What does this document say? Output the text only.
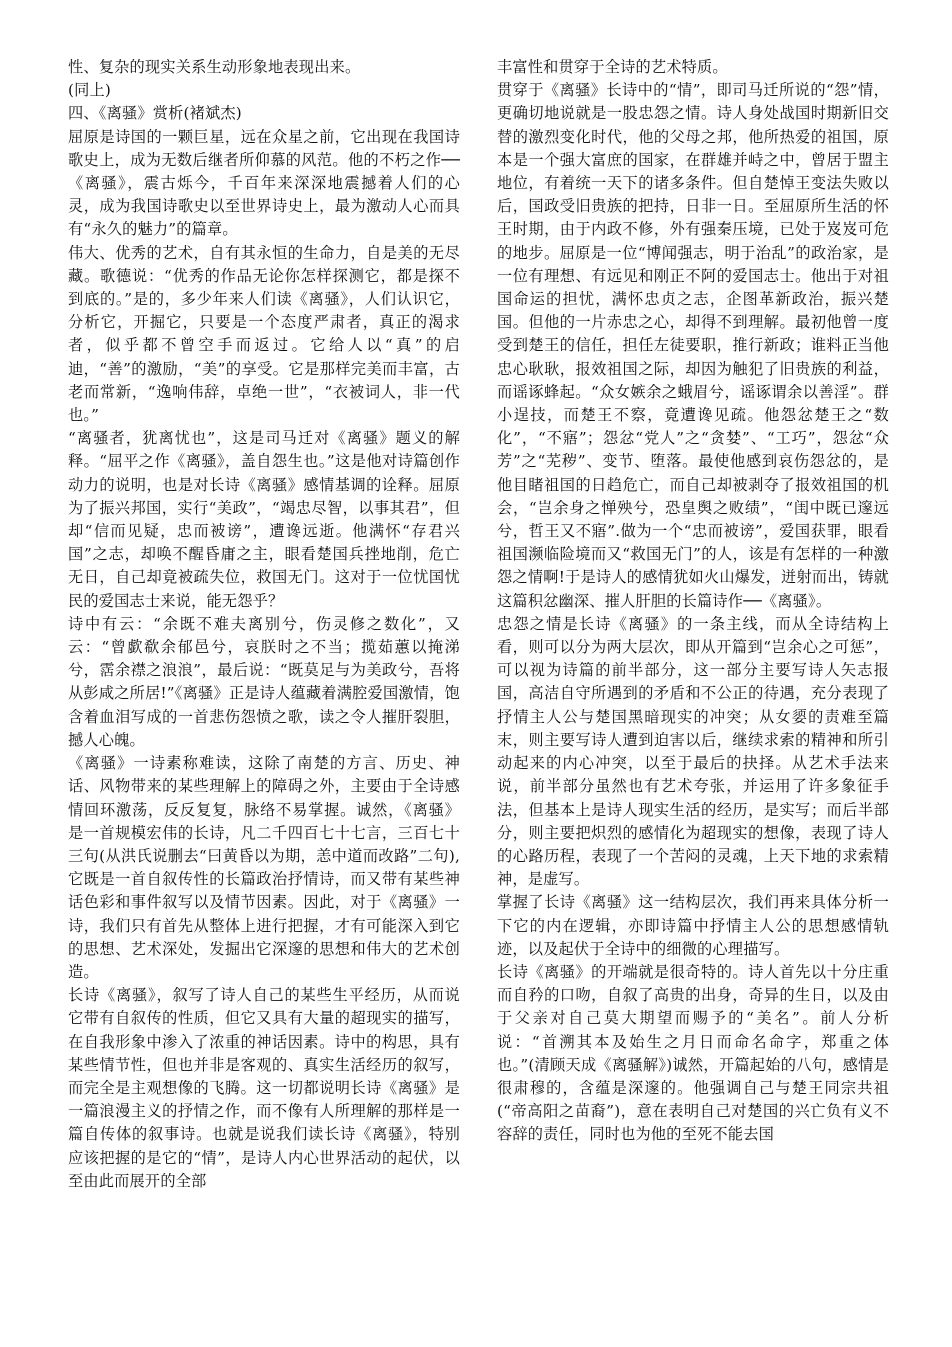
性、复杂的现实关系生动形象地表现出来。

(同上)

四、《离骚》赏析(褚斌杰)

屈原是诗国的一颗巨星，远在众星之前，它出现在我国诗歌史上，成为无数后继者所仰慕的风范。他的不朽之作──《离骚》，震古烁今，千百年来深深地震撼着人们的心灵，成为我国诗歌史以至世界诗史上，最为激动人心而具有“永久的魅力”的篇章。

伟大、优秀的艺术，自有其永恒的生命力，自是美的无尽藏。歌德说：“优秀的作品无论你怎样探测它，都是探不到底的。”是的，多少年来人们读《离骚》，人们认识它，分析它，开掘它，只要是一个态度严肃者，真正的渴求者，似乎都不曾空手而返过。它给人以“真”的启迪，“善”的激励，“美”的享受。它是那样完美而丰富，古老而常新，“逸响伟辞，卓绝一世”，“衣被词人，非一代也。”

“离骚者，犹离忧也”，这是司马迁对《离骚》题义的解释。“屈平之作《离骚》，盖自怨生也。”这是他对诗篇创作动力的说明，也是对长诗《离骚》感情基调的诠释。屈原为了振兴邦国，实行“美政”，“竭忠尽智，以事其君”，但却“信而见疑，忠而被谤”，遭谗远逝。他满怀“存君兴国”之志，却唤不醒昏庸之主，眼看楚国兵挫地削，危亡无日，自己却竟被疏失位，救国无门。这对于一位忧国忧民的爱国志士来说，能无怨乎？

诗中有云：“余既不难夫离别兮，伤灵修之数化”，又云：“曾歔欷余郁邑兮，哀朕时之不当；揽茹蕙以掩涕兮，霑余襟之浪浪”，最后说：“既莫足与为美政兮，吾将从彭咸之所居!”《离骚》正是诗人蕴藏着满腔爱国激情，饱含着血泪写成的一首悲伤怨愤之歌，读之令人摧肝裂胆，撼人心魄。

《离骚》一诗素称难读，这除了南楚的方言、历史、神话、风物带来的某些理解上的障碍之外，主要由于全诗感情回环激荡，反反复复，脉络不易掌握。诚然，《离骚》是一首规模宏伟的长诗，凡二千四百七十七言，三百七十三句(从洪氏说删去“曰黄昏以为期，恙中道而改路”二句),它既是一首自叙传性的长篇政治抒情诗，而又带有某些神话色彩和事件叙写以及情节因素。因此，对于《离骚》一诗，我们只有首先从整体上进行把握，才有可能深入到它的思想、艺术深处，发掘出它深邃的思想和伟大的艺术创造。

长诗《离骚》，叙写了诗人自己的某些生平经历，从而说它带有自叙传的性质，但它又具有大量的超现实的描写，在自我形象中渗入了浓重的神话因素。诗中的构思，具有某些情节性，但也并非是客观的、真实生活经历的叙写，而完全是主观想像的飞腾。这一切都说明长诗《离骚》是一篇浪漫主义的抒情之作，而不像有人所理解的那样是一篇自传体的叙事诗。也就是说我们读长诗《离骚》，特别应该把握的是它的“情”，是诗人内心世界活动的起伏，以至由此而展开的全部

丰富性和贯穿于全诗的艺术特质。

贯穿于《离骚》长诗中的“情”，即司马迁所说的“怨”情，更确切地说就是一股忠怨之情。诗人身处战国时期新旧交替的激烈变化时代，他的父母之邦，他所热爱的祖国，原本是一个强大富庶的国家，在群雄并峙之中，曾居于盟主地位，有着统一天下的诸多条件。但自楚悼王变法失败以后，国政受旧贵族的把持，日非一日。至屈原所生活的怀王时期，由于内政不修，外有强秦压境，已处于岌岌可危的地步。屈原是一位“博闻强志，明于治乱”的政治家，是一位有理想、有远见和刚正不阿的爱国志士。他出于对祖国命运的担忧，满怀忠贞之志，企图革新政治，振兴楚国。但他的一片赤忠之心，却得不到理解。最初他曾一度受到楚王的信任，担任左徒要职，推行新政；谁料正当他忠心耿耿，报效祖国之际，却因为触犯了旧贵族的利益，而谣诼蜂起。“众女嫉余之蛾眉兮，谣诼谓余以善淫”。群小逞技，而楚王不察，竟遭谗见疏。他怨忿楚王之“数化”，“不寤”；怨忿“党人”之“贪婪”、“工巧”，怨忿“众芳”之“芜秽”、变节、堕落。最使他感到哀伤怨忿的，是他目睹祖国的日趋危亡，而自己却被剥夺了报效祖国的机会，“岂余身之惮殃兮，恐皇舆之败绩”，“闺中既已邃远兮，哲王又不寤”.做为一个“忠而被谤”，爱国获罪，眼看祖国濒临险境而又“救国无门”的人，该是有怎样的一种激怨之情啊!于是诗人的感情犹如火山爆发，迸射而出，铸就这篇积忿幽深、摧人肝胆的长篇诗作──《离骚》。

忠怨之情是长诗《离骚》的一条主线，而从全诗结构上看，则可以分为两大层次，即从开篇到“岂余心之可惩”，可以视为诗篇的前半部分，这一部分主要写诗人矢志报国，高洁自守所遇到的矛盾和不公正的待遇，充分表现了抒情主人公与楚国黑暗现实的冲突；从女媭的责难至篇末，则主要写诗人遭到迫害以后，继续求索的精神和所引动起来的内心冲突，以至于最后的抉择。从艺术手法来说，前半部分虽然也有艺术夸张，并运用了许多象征手法，但基本上是诗人现实生活的经历，是实写；而后半部分，则主要把炽烈的感情化为超现实的想像，表现了诗人的心路历程，表现了一个苦闷的灵魂，上天下地的求索精神，是虚写。

掌握了长诗《离骚》这一结构层次，我们再来具体分析一下它的内在逻辑，亦即诗篇中抒情主人公的思想感情轨迹，以及起伏于全诗中的细微的心理描写。

长诗《离骚》的开端就是很奇特的。诗人首先以十分庄重而自矜的口吻，自叙了高贵的出身，奇异的生日，以及由于父亲对自己莫大期望而赐予的“美名”。前人分析说：“首溯其本及始生之月日而命名命字，郑重之体也。”(清顾天成《离骚解》)诚然，开篇起始的八句，感情是很肃穆的，含蕴是深邃的。他强调自己与楚王同宗共祖(“帝高阳之苗裔”)，意在表明自己对楚国的兴亡负有义不容辞的责任，同时也为他的至死不能去国
